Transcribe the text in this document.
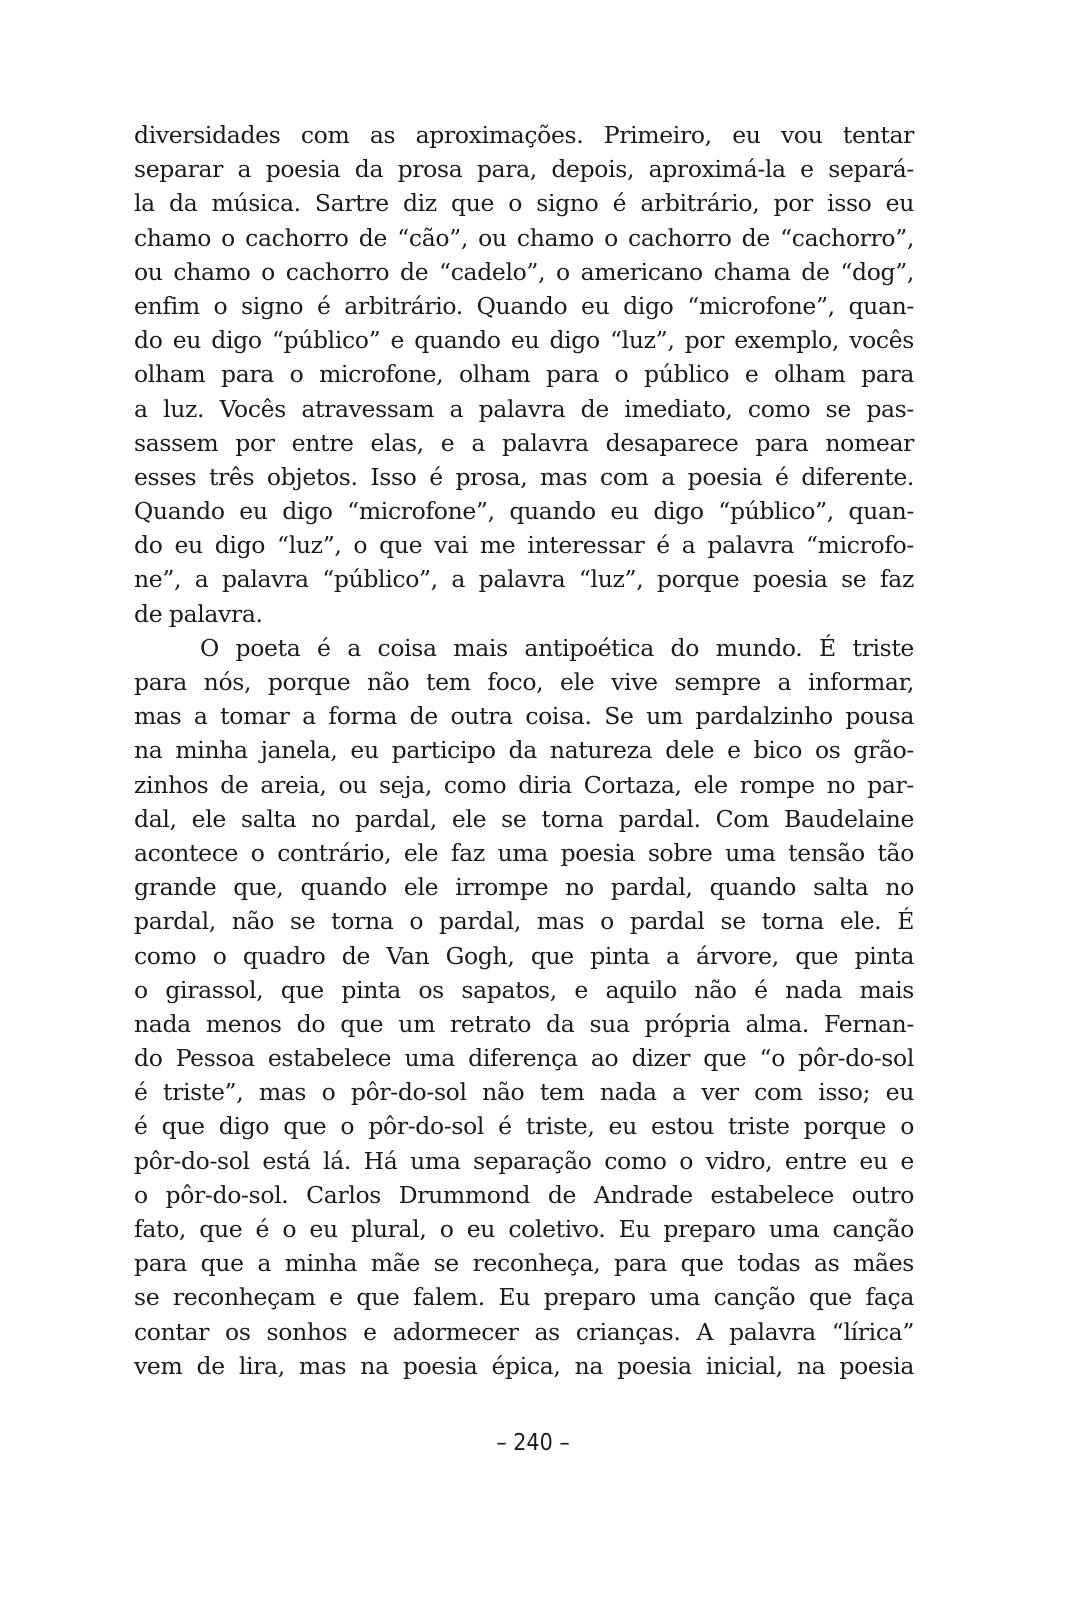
diversidades com as aproximações. Primeiro, eu vou tentar
separar a poesia da prosa para, depois, aproximá-la e separá-
la da música. Sartre diz que o signo é arbitrário, por isso eu
chamo o cachorro de “cão”, ou chamo o cachorro de “cachorro”,
ou chamo o cachorro de “cadelo”, o americano chama de “dog”,
enfim o signo é arbitrário. Quando eu digo “microfone”, quan-
do eu digo “público” e quando eu digo “luz”, por exemplo, vocês
olham para o microfone, olham para o público e olham para
a luz. Vocês atravessam a palavra de imediato, como se pas-
sassem por entre elas, e a palavra desaparece para nomear
esses três objetos. Isso é prosa, mas com a poesia é diferente.
Quando eu digo “microfone”, quando eu digo “público”, quan-
do eu digo “luz”, o que vai me interessar é a palavra “microfo-
ne”, a palavra “público”, a palavra “luz”, porque poesia se faz
de palavra.
O poeta é a coisa mais antipoética do mundo. É triste
para nós, porque não tem foco, ele vive sempre a informar,
mas a tomar a forma de outra coisa. Se um pardalzinho pousa
na minha janela, eu participo da natureza dele e bico os grão-
zinhos de areia, ou seja, como diria Cortaza, ele rompe no par-
dal, ele salta no pardal, ele se torna pardal. Com Baudelaine
acontece o contrário, ele faz uma poesia sobre uma tensão tão
grande que, quando ele irrompe no pardal, quando salta no
pardal, não se torna o pardal, mas o pardal se torna ele. É
como o quadro de Van Gogh, que pinta a árvore, que pinta
o girassol, que pinta os sapatos, e aquilo não é nada mais
nada menos do que um retrato da sua própria alma. Fernan-
do Pessoa estabelece uma diferença ao dizer que “o pôr-do-sol
é triste”, mas o pôr-do-sol não tem nada a ver com isso; eu
é que digo que o pôr-do-sol é triste, eu estou triste porque o
pôr-do-sol está lá. Há uma separação como o vidro, entre eu e
o pôr-do-sol. Carlos Drummond de Andrade estabelece outro
fato, que é o eu plural, o eu coletivo. Eu preparo uma canção
para que a minha mãe se reconheça, para que todas as mães
se reconheçam e que falem. Eu preparo uma canção que faça
contar os sonhos e adormecer as crianças. A palavra “lírica”
vem de lira, mas na poesia épica, na poesia inicial, na poesia
– 240 –
